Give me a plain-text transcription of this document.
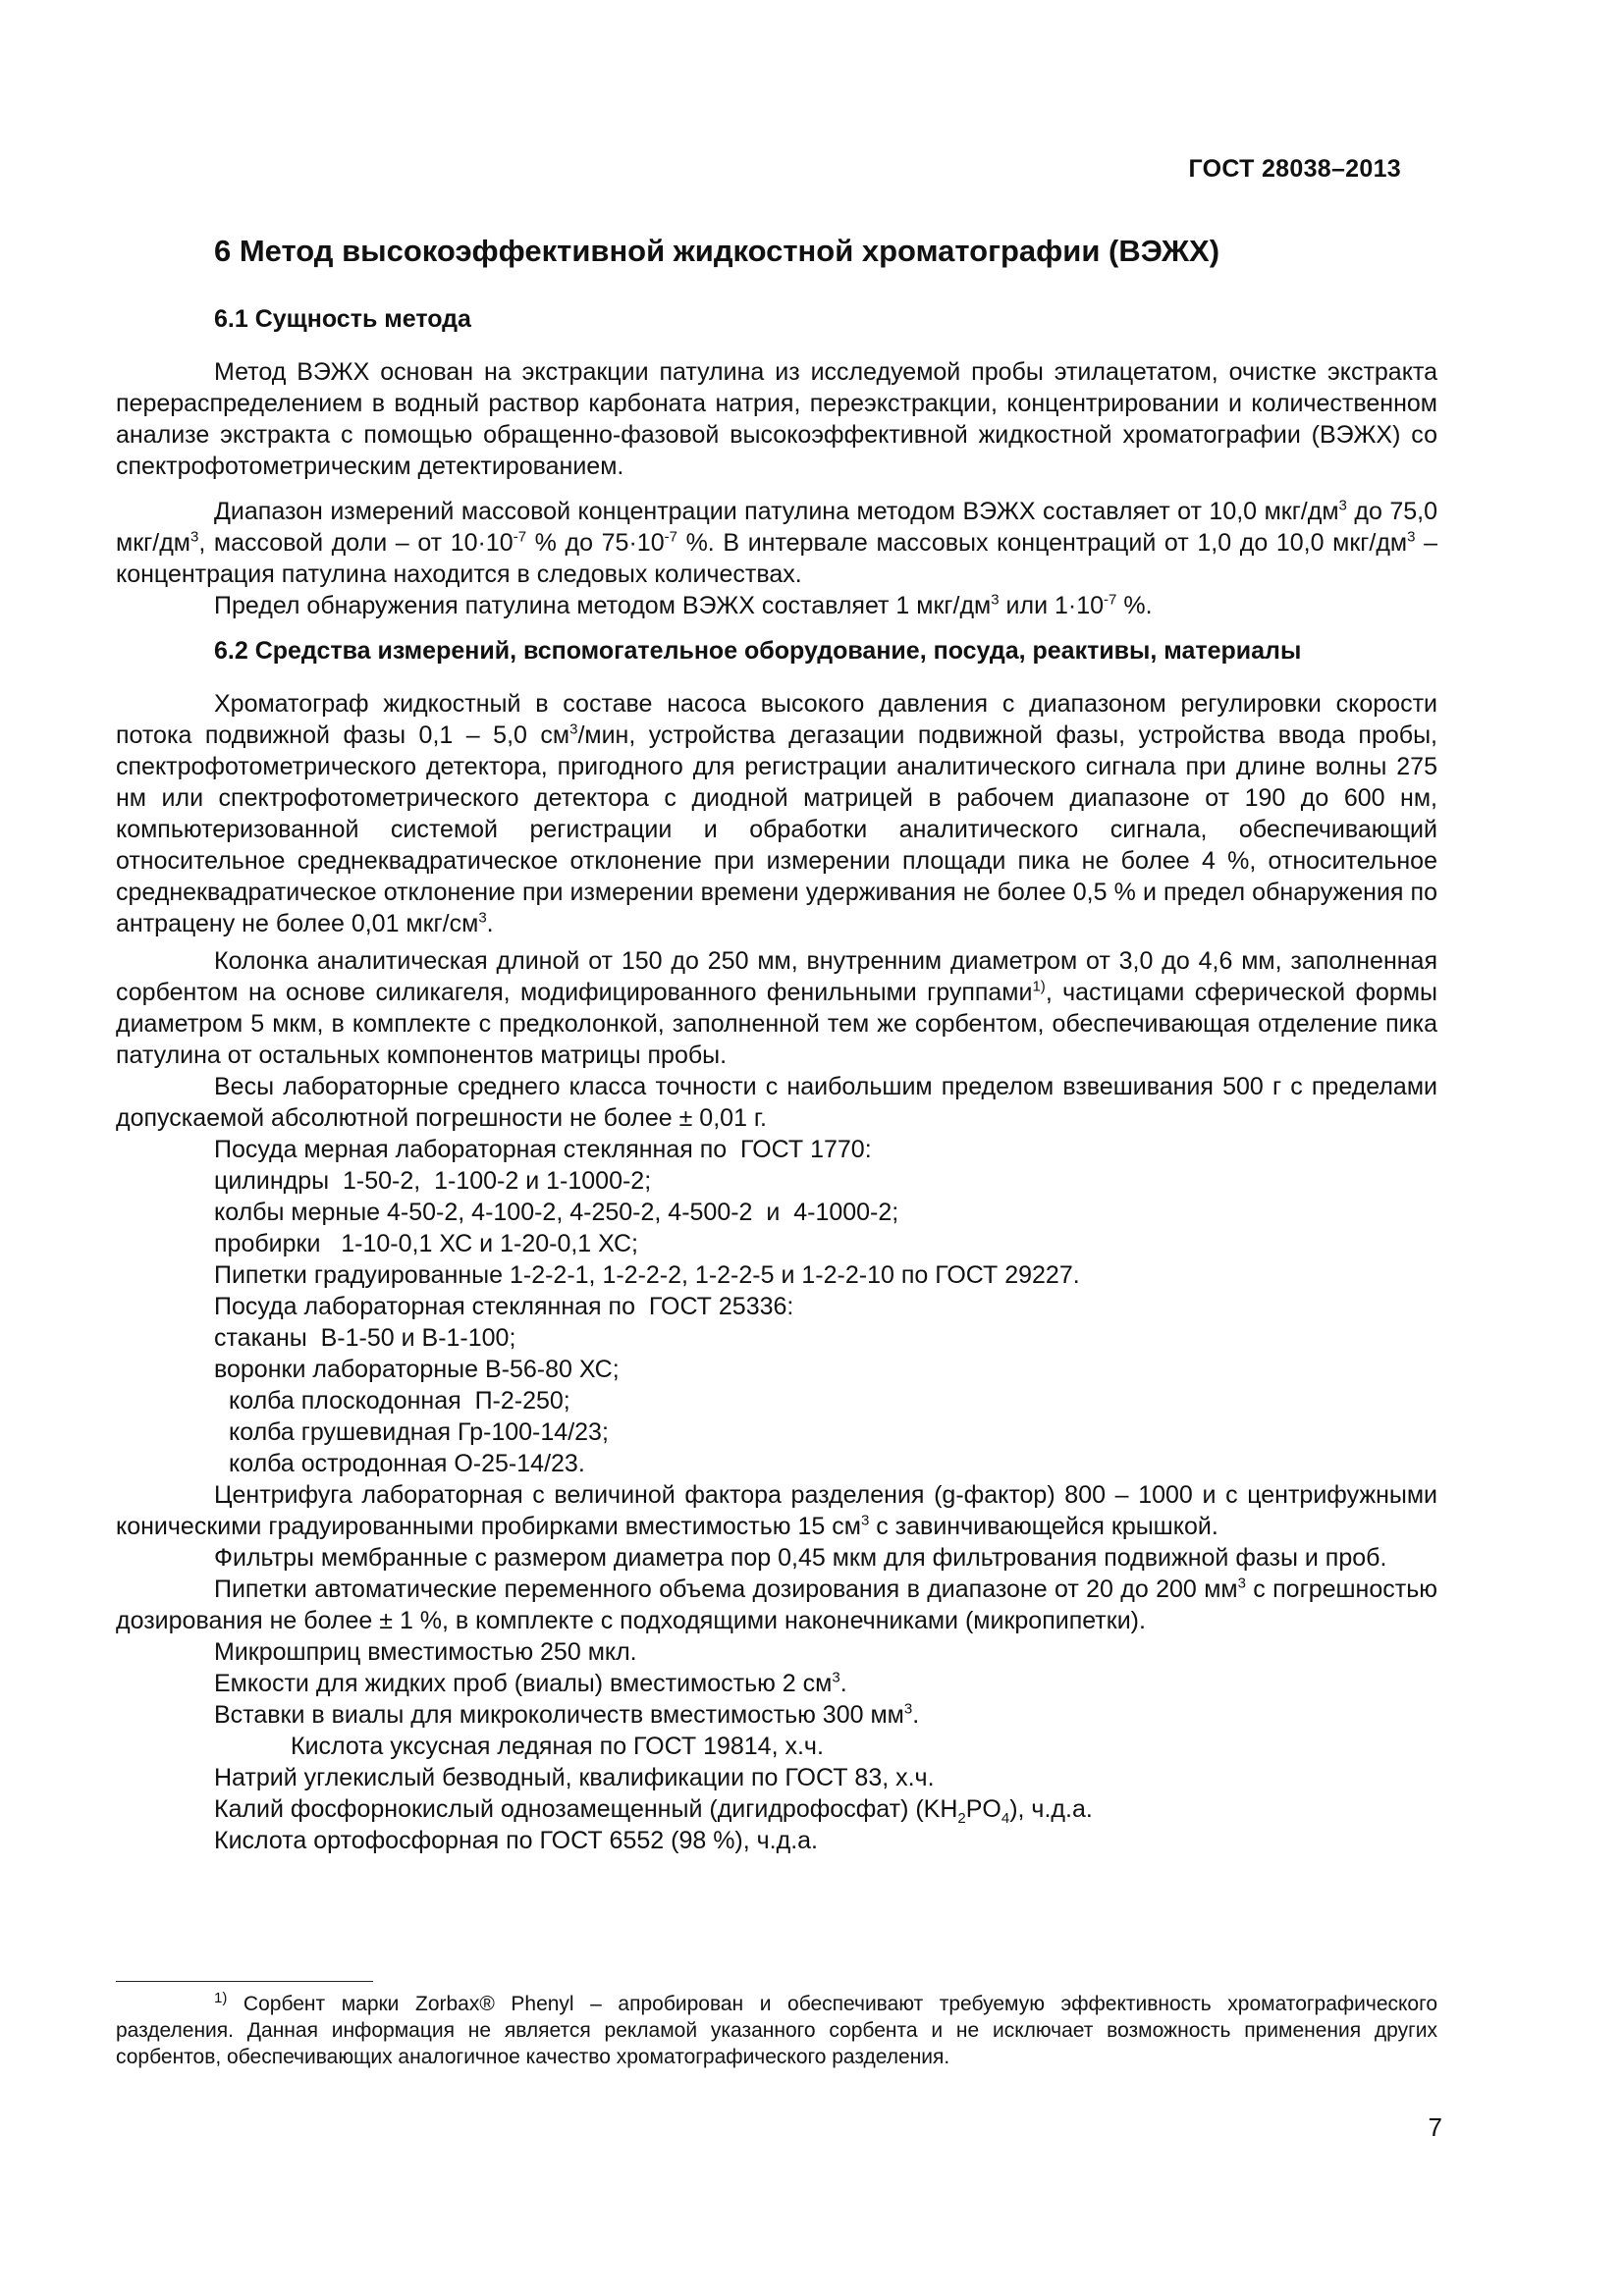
ГОСТ 28038–2013
6 Метод высокоэффективной жидкостной хроматографии (ВЭЖХ)
6.1 Сущность метода

Метод ВЭЖХ основан на экстракции патулина из исследуемой пробы этилацетатом, очистке экстракта перераспределением в водный раствор карбоната натрия, переэкстракции, концентрировании и количественном анализе экстракта с помощью обращенно-фазовой высокоэффективной жидкостной хроматографии (ВЭЖХ) со спектрофотометрическим детектированием.

Диапазон измерений массовой концентрации патулина методом ВЭЖХ составляет от 10,0 мкг/$дм^3$ до 75,0 мкг/$дм^3$, массовой доли – от $10\cdot 10^{-7}$ % до $75\cdot 10^{-7}$ %. В интервале массовых концентраций от 1,0 до 10,0 мкг/$дм^3$ – концентрация патулина находится в следовых количествах.

Предел обнаружения патулина методом ВЭЖХ составляет 1 мкг/$дм^3$ или $1\cdot 10^{-7}$ %.

6.2 Средства измерений, вспомогательное оборудование, посуда, реактивы, материалы

Хроматограф жидкостный в составе насоса высокого давления с диапазоном регулировки скорости потока подвижной фазы 0,1 – 5,0 $см^3$/мин, устройства дегазации подвижной фазы, устройства ввода пробы, спектрофотометрического детектора, пригодного для регистрации аналитического сигнала при длине волны 275 нм или спектрофотометрического детектора с диодной матрицей в рабочем диапазоне от 190 до 600 нм, компьютеризованной системой регистрации и обработки аналитического сигнала, обеспечивающий относительное среднеквадратическое отклонение при измерении площади пика не более 4 %, относительное среднеквадратическое отклонение при измерении времени удерживания не более 0,5 % и предел обнаружения по антрацену не более 0,01 мкг/$см^3$.

Колонка аналитическая длиной от 150 до 250 мм, внутренним диаметром от 3,0 до 4,6 мм, заполненная сорбентом на основе силикагеля, модифицированного фенильными группами$^{1)}$, частицами сферической формы диаметром 5 мкм, в комплекте с предколонкой, заполненной тем же сорбентом, обеспечивающая отделение пика патулина от остальных компонентов матрицы пробы.

Весы лабораторные среднего класса точности с наибольшим пределом взвешивания 500 г с пределами допускаемой абсолютной погрешности не более ± 0,01 г.

Посуда мерная лабораторная стеклянная по  ГОСТ 1770:
цилиндры  1-50-2,  1-100-2 и 1-1000-2;
колбы мерные 4-50-2, 4-100-2, 4-250-2, 4-500-2  и  4-1000-2;
пробирки   1-10-0,1 ХС и 1-20-0,1 ХС;
Пипетки градуированные 1-2-2-1, 1-2-2-2, 1-2-2-5 и 1-2-2-10 по ГОСТ 29227.
Посуда лабораторная стеклянная по  ГОСТ 25336:
стаканы  В-1-50 и В-1-100;
воронки лабораторные В-56-80 ХС;
колба плоскодонная  П-2-250;
колба грушевидная Гр-100-14/23;
колба остродонная О-25-14/23.

Центрифуга лабораторная с величиной фактора разделения (g-фактор) 800 – 1000 и с центрифужными коническими градуированными пробирками вместимостью 15 $см^3$ с завинчивающейся крышкой.

Фильтры мембранные с размером диаметра пор 0,45 мкм для фильтрования подвижной фазы и проб.

Пипетки автоматические переменного объема дозирования в диапазоне от 20 до 200 $мм^3$ с погрешностью дозирования не более ± 1 %, в комплекте с подходящими наконечниками (микропипетки).

Микрошприц вместимостью 250 мкл.
Емкости для жидких проб (виалы) вместимостью 2 $см^3$.
Вставки в виалы для микроколичеств вместимостью 300 $мм^3$.
Кислота уксусная ледяная по ГОСТ 19814, х.ч.
Натрий углекислый безводный, квалификации по ГОСТ 83, х.ч.
Калий фосфорнокислый однозамещенный (дигидрофосфат) $(KH_2PO_4)$, ч.д.а.
Кислота ортофосфорная по ГОСТ 6552 (98 %), ч.д.а.
$^{1)}$ Сорбент марки Zorbax® Phenyl – апробирован и обеспечивают требуемую эффективность хроматографического разделения. Данная информация не является рекламой указанного сорбента и не исключает возможность применения других сорбентов, обеспечивающих аналогичное качество хроматографического разделения.
7
